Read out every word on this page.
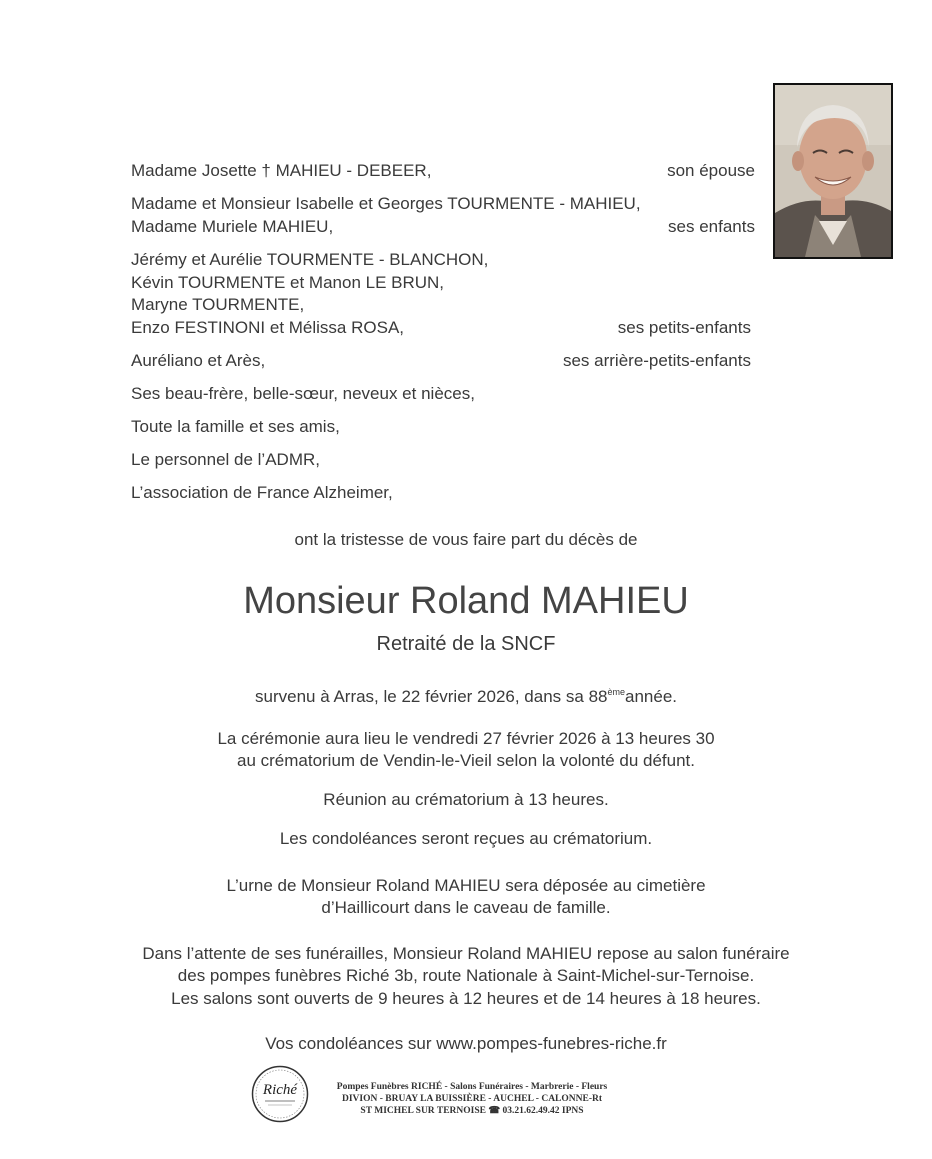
Madame Josette † MAHIEU - DEBEER,	son épouse
Madame et Monsieur Isabelle et Georges TOURMENTE - MAHIEU,
Madame Muriele MAHIEU,	ses enfants
Jérémy et Aurélie TOURMENTE - BLANCHON,
Kévin TOURMENTE et Manon LE BRUN,
Maryne TOURMENTE,
Enzo FESTINONI et Mélissa ROSA,	ses petits-enfants
Auréliano et Arès,	ses arrière-petits-enfants
Ses beau-frère, belle-sœur, neveux et nièces,
Toute la famille et ses amis,
Le personnel de l’ADMR,
L’association de France Alzheimer,
ont la tristesse de vous faire part du décès de
Monsieur Roland MAHIEU
Retraité de la SNCF
survenu à Arras, le 22 février 2026, dans sa 88èmeannée.
La cérémonie aura lieu le vendredi 27 février 2026 à 13 heures 30
au crématorium de Vendin-le-Vieil selon la volonté du défunt.
Réunion au crématorium à 13 heures.
Les condoléances seront reçues au crématorium.
L’urne de Monsieur Roland MAHIEU sera déposée au cimetière
d’Haillicourt dans le caveau de famille.
Dans l’attente de ses funérailles, Monsieur Roland MAHIEU repose au salon funéraire
des pompes funèbres Riché 3b, route Nationale à Saint-Michel-sur-Ternoise.
Les salons sont ouverts de 9 heures à 12 heures et de 14 heures à 18 heures.
Vos condoléances sur www.pompes-funebres-riche.fr
Riché	Pompes Funèbres RICHÉ - Salons Funéraires - Marbrerie - Fleurs
DIVION - BRUAY LA BUISSIÈRE - AUCHEL - CALONNE-Rt
ST MICHEL SUR TERNOISE ☎ 03.21.62.49.42 IPNS
